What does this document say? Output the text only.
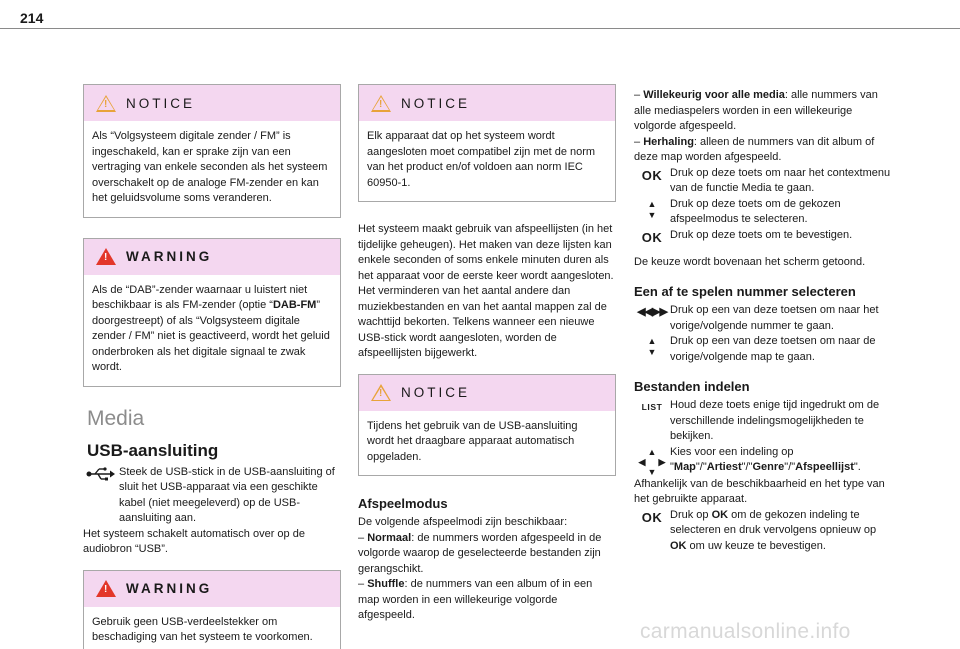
214
! NOTICE

Als “Volgsysteem digitale zender / FM” is ingeschakeld, kan er sprake zijn van een vertraging van enkele seconden als het systeem overschakelt op de analoge FM-zender en kan het geluidsvolume soms veranderen.

! WARNING

Als de “DAB”-zender waarnaar u luistert niet beschikbaar is als FM-zender (optie “DAB-FM” doorgestreept) of als “Volgsysteem digitale zender / FM” niet is geactiveerd, wordt het geluid onderbroken als het digitale signaal te zwak wordt.

Media
USB-aansluiting

Steek de USB-stick in de USB-aansluiting of sluit het USB-apparaat via een geschikte kabel (niet meegeleverd) op de USB-aansluiting aan.

Het systeem schakelt automatisch over op de audiobron “USB”.

! WARNING

Gebruik geen USB-verdeelstekker om beschadiging van het systeem te voorkomen.

! NOTICE

Elk apparaat dat op het systeem wordt aangesloten moet compatibel zijn met de norm van het product en/of voldoen aan norm IEC 60950-1.

Het systeem maakt gebruik van afspeellijsten (in het tijdelijke geheugen). Het maken van deze lijsten kan enkele seconden of soms enkele minuten duren als het apparaat voor de eerste keer wordt aangesloten.

Het verminderen van het aantal andere dan muziekbestanden en van het aantal mappen zal de wachttijd bekorten. Telkens wanneer een nieuwe USB-stick wordt aangesloten, worden de afspeellijsten bijgewerkt.

! NOTICE

Tijdens het gebruik van de USB-aansluiting wordt het draagbare apparaat automatisch opgeladen.

Afspeelmodus

De volgende afspeelmodi zijn beschikbaar:

– Normaal: de nummers worden afgespeeld in de volgorde waarop de geselecteerde bestanden zijn gerangschikt.

– Shuffle: de nummers van een album of in een map worden in een willekeurige volgorde afgespeeld.

– Willekeurig voor alle media: alle nummers van alle mediaspelers worden in een willekeurige volgorde afgespeeld.

– Herhaling: alleen de nummers van dit album of deze map worden afgespeeld.

OK Druk op deze toets om naar het contextmenu van de functie Media te gaan.

▲
▼

Druk op deze toets om de gekozen afspeelmodus te selecteren.

OK Druk op deze toets om te bevestigen.

De keuze wordt bovenaan het scherm getoond.

Een af te spelen nummer selecteren
◀◀ ▶▶ Druk op een van deze toetsen om naar het vorige/volgende nummer te gaan.

▲
▼

Druk op een van deze toetsen om naar de vorige/volgende map te gaan.

Bestanden indelen
LIST Houd deze toets enige tijd ingedrukt om de verschillende indelingsmogelijkheden te bekijken.

▲
◀ ▶
▼

Kies voor een indeling op "Map"/"Artiest"/"Genre"/"Afspeellijst".

Afhankelijk van de beschikbaarheid en het type van het gebruikte apparaat.

OK Druk op OK om de gekozen indeling te selecteren en druk vervolgens opnieuw op OK om uw keuze te bevestigen.

carmanualsonline.info
